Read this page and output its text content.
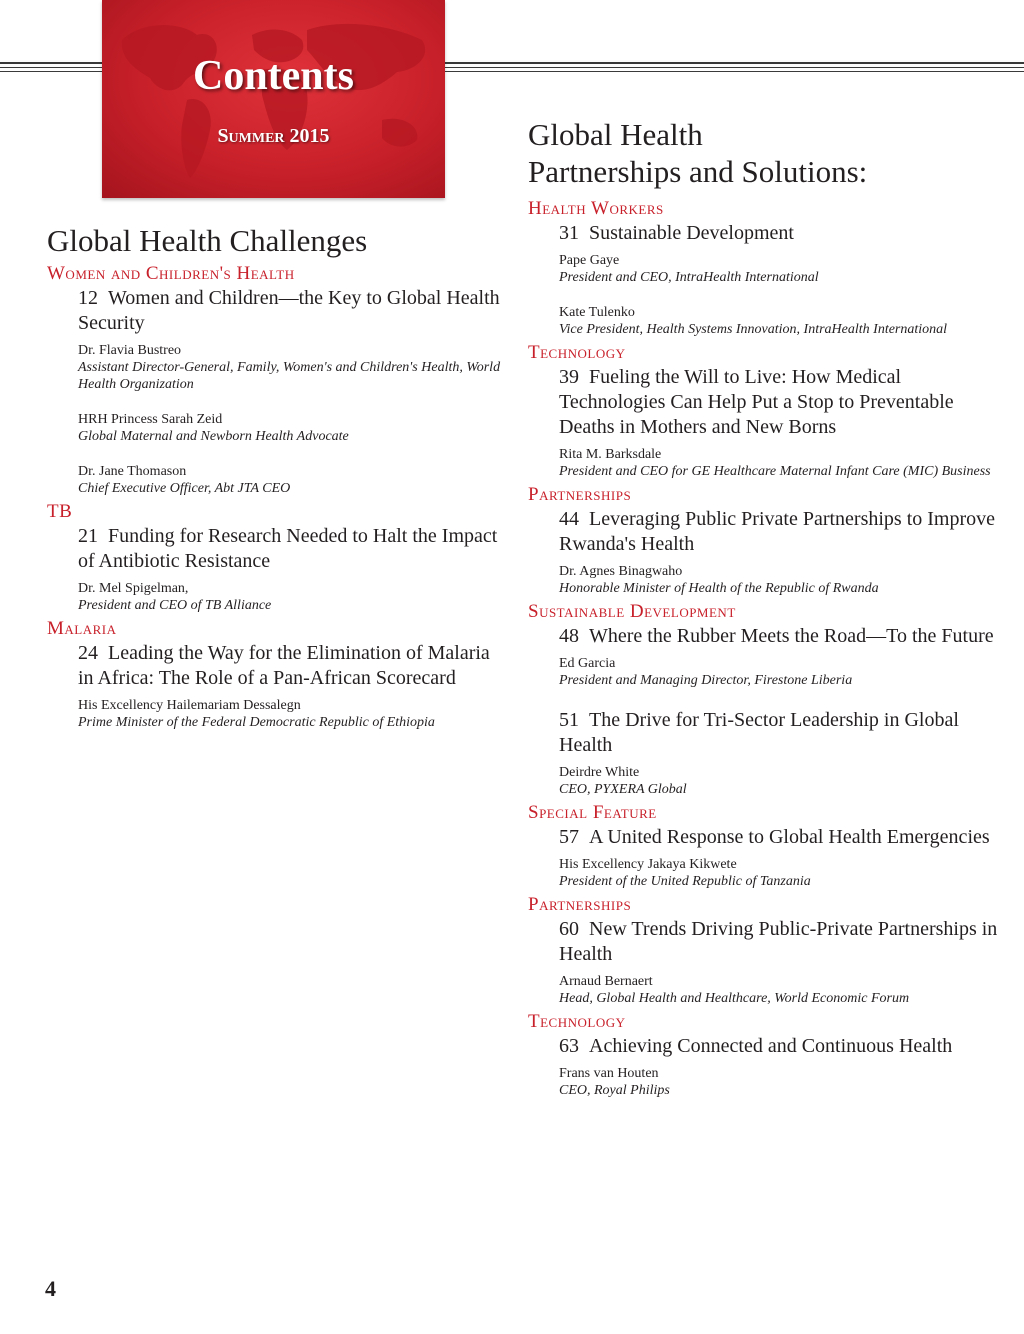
Contents
Summer 2015
Global Health Challenges
Women and Children's Health
12 Women and Children—the Key to Global Health Security
Dr. Flavia Bustreo
Assistant Director-General, Family, Women's and Children's Health, World Health Organization
HRH Princess Sarah Zeid
Global Maternal and Newborn Health Advocate
Dr. Jane Thomason
Chief Executive Officer, Abt JTA CEO
TB
21 Funding for Research Needed to Halt the Impact of Antibiotic Resistance
Dr. Mel Spigelman,
President and CEO of TB Alliance
Malaria
24 Leading the Way for the Elimination of Malaria in Africa: The Role of a Pan-African Scorecard
His Excellency Hailemariam Dessalegn
Prime Minister of the Federal Democratic Republic of Ethiopia
Global Health
Partnerships and Solutions:
Health Workers
31 Sustainable Development
Pape Gaye
President and CEO, IntraHealth International
Kate Tulenko
Vice President, Health Systems Innovation, IntraHealth International
Technology
39 Fueling the Will to Live: How Medical Technologies Can Help Put a Stop to Preventable Deaths in Mothers and New Borns
Rita M. Barksdale
President and CEO for GE Healthcare Maternal Infant Care (MIC) Business
Partnerships
44 Leveraging Public Private Partnerships to Improve Rwanda's Health
Dr. Agnes Binagwaho
Honorable Minister of Health of the Republic of Rwanda
Sustainable Development
48 Where the Rubber Meets the Road—To the Future
Ed Garcia
President and Managing Director, Firestone Liberia
51 The Drive for Tri-Sector Leadership in Global Health
Deirdre White
CEO, PYXERA Global
Special Feature
57 A United Response to Global Health Emergencies
His Excellency Jakaya Kikwete
President of the United Republic of Tanzania
Partnerships
60 New Trends Driving Public-Private Partnerships in Health
Arnaud Bernaert
Head, Global Health and Healthcare, World Economic Forum
Technology
63 Achieving Connected and Continuous Health
Frans van Houten
CEO, Royal Philips
4
